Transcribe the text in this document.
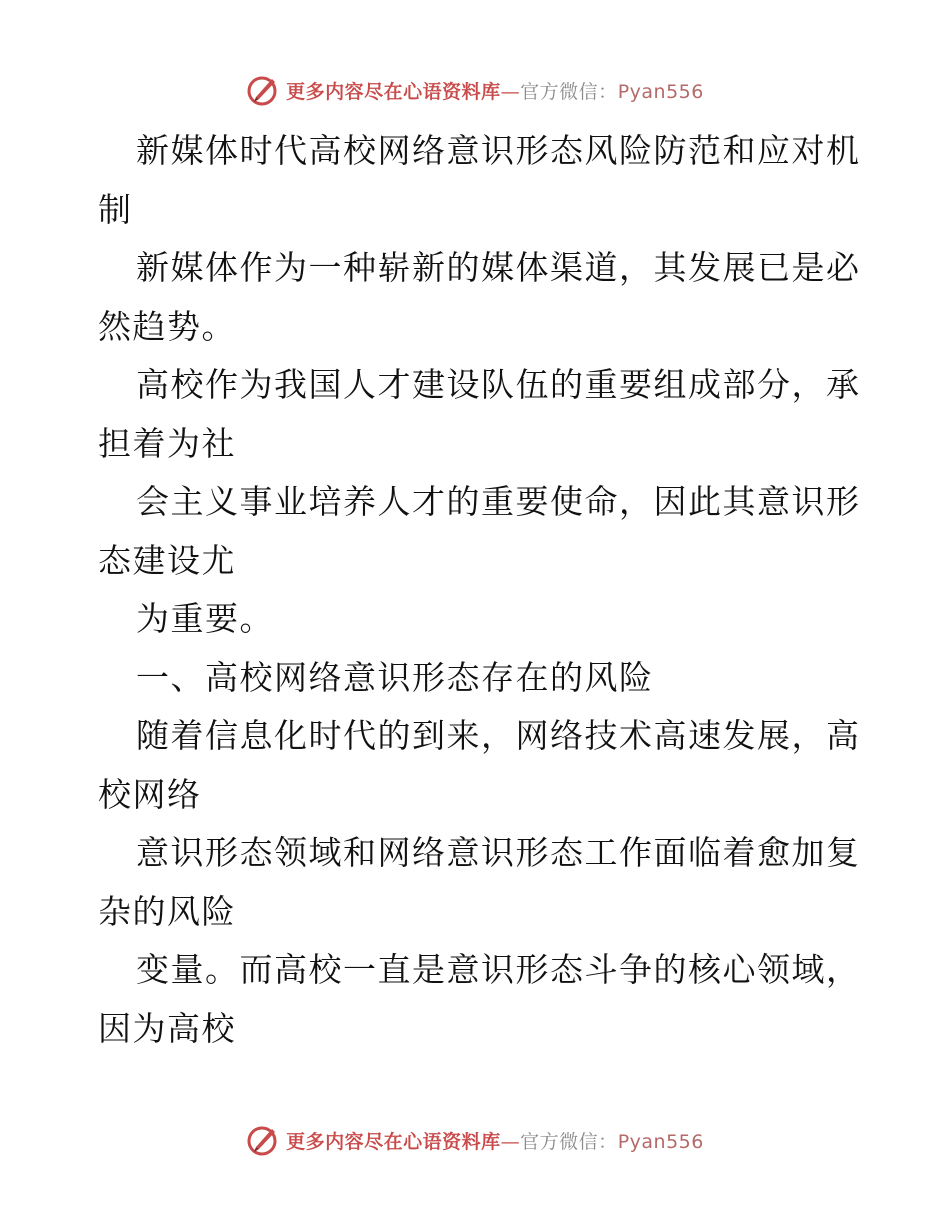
更多内容尽在心语资料库—官方微信：Pyan556
新媒体时代高校网络意识形态风险防范和应对机
制
新媒体作为一种崭新的媒体渠道，其发展已是必
然趋势。
高校作为我国人才建设队伍的重要组成部分，承
担着为社
会主义事业培养人才的重要使命，因此其意识形
态建设尤
为重要。
一、高校网络意识形态存在的风险
随着信息化时代的到来，网络技术高速发展，高
校网络
意识形态领域和网络意识形态工作面临着愈加复
杂的风险
变量。而高校一直是意识形态斗争的核心领域，
因为高校
更多内容尽在心语资料库—官方微信：Pyan556
